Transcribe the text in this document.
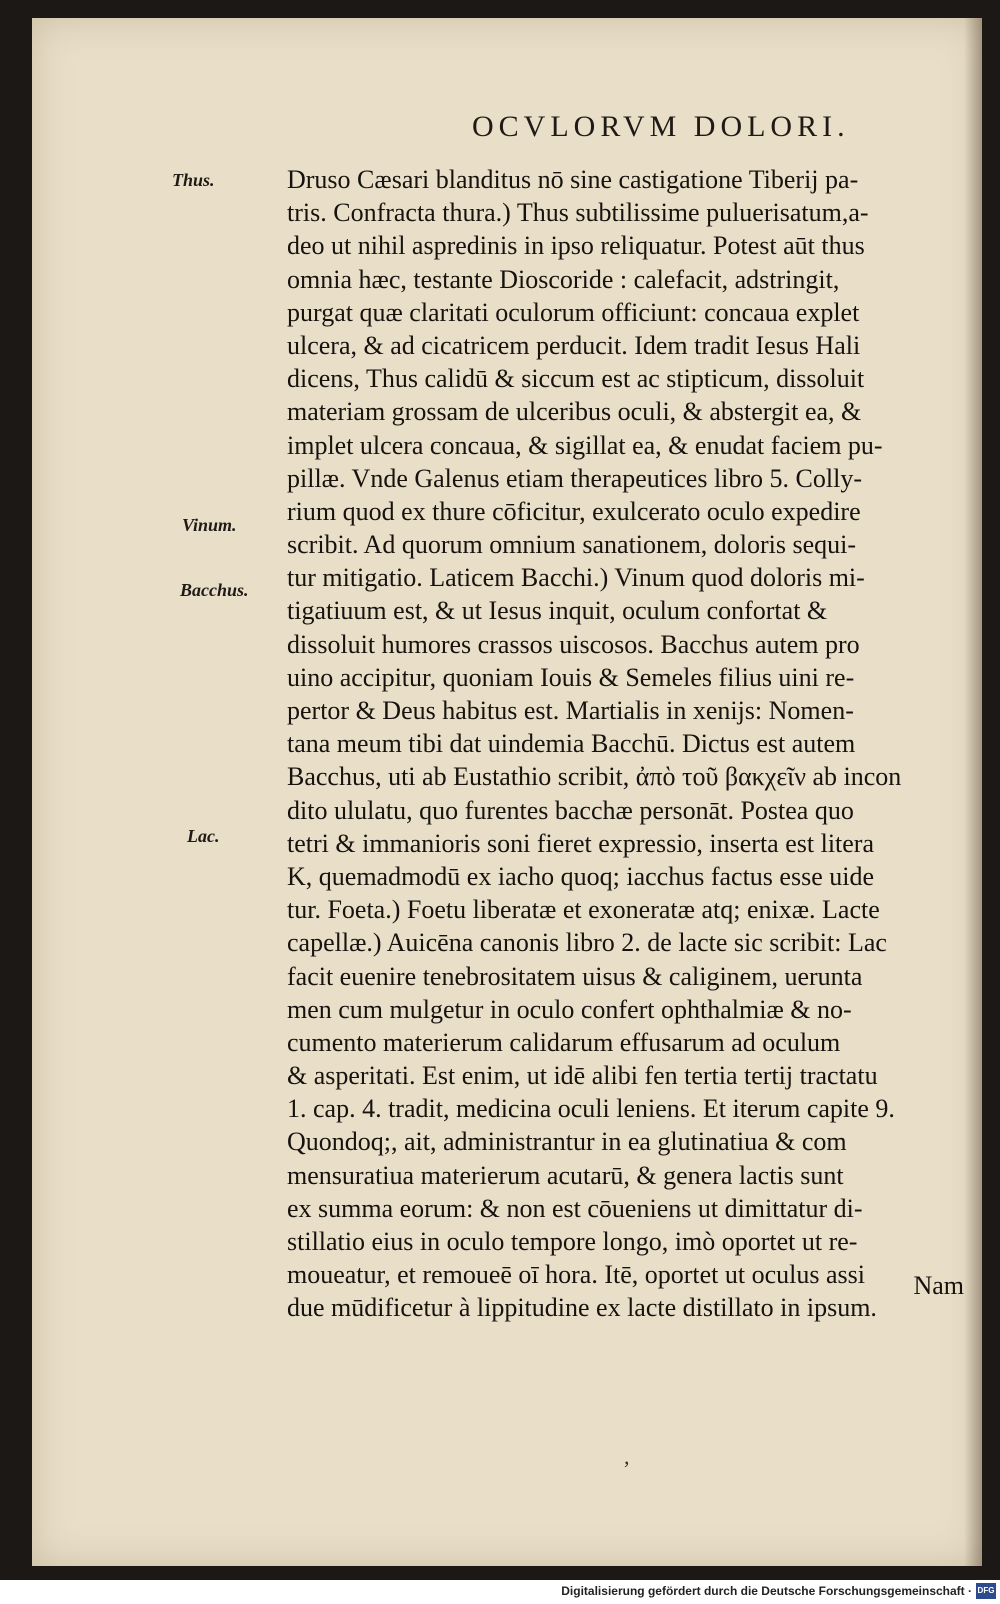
OCVLORVM DOLORI.
Thus.
Vinum.
Bacchus.
Lac.
Druso Cæsari blanditus nō sine castigatione Tiberij pa-
tris. Confracta thura.) Thus subtilissime puluerisatum,a-
deo ut nihil aspredinis in ipso reliquatur. Potest aūt thus
omnia hæc, testante Dioscoride : calefacit, adstringit,
purgat quæ claritati oculorum officiunt: concaua explet
ulcera, & ad cicatricem perducit. Idem tradit Iesus Hali
dicens, Thus calidū & siccum est ac stipticum, dissoluit
materiam grossam de ulceribus oculi, & abstergit ea, &
implet ulcera concaua, & sigillat ea, & enudat faciem pu-
pillæ. Vnde Galenus etiam therapeutices libro 5. Colly-
rium quod ex thure cōficitur, exulcerato oculo expedire
scribit. Ad quorum omnium sanationem, doloris sequi-
tur mitigatio. Laticem Bacchi.) Vinum quod doloris mi-
tigatiuum est, & ut Iesus inquit, oculum confortat &
dissoluit humores crassos uiscosos. Bacchus autem pro
uino accipitur, quoniam Iouis & Semeles filius uini re-
pertor & Deus habitus est. Martialis in xenijs: Nomen-
tana meum tibi dat uindemia Bacchū. Dictus est autem
Bacchus, uti ab Eustathio scribit, ἀπὸ τοῦ βακχεῖν ab incon
dito ululatu, quo furentes bacchæ personāt. Postea quo
tetri & immanioris soni fieret expressio, inserta est litera
K, quemadmodū ex iacho quoq; iacchus factus esse uide
tur. Foeta.) Foetu liberatæ et exoneratæ atq; enixæ. Lacte
capellæ.) Auicēna canonis libro 2. de lacte sic scribit: Lac
facit euenire tenebrositatem uisus & caliginem, uerunta
men cum mulgetur in oculo confert ophthalmiæ & no-
cumento materierum calidarum effusarum ad oculum
& asperitati. Est enim, ut idē alibi fen tertia tertij tractatu
1. cap. 4. tradit, medicina oculi leniens. Et iterum capite 9.
Quondoq;, ait, administrantur in ea glutinatiua & com
mensuratiua materierum acutarū, & genera lactis sunt
ex summa eorum: & non est cōueniens ut dimittatur di-
stillatio eius in oculo tempore longo, imò oportet ut re-
moueatur, et remoueē oī hora. Itē, oportet ut oculus assi
due mūdificetur à lippitudine ex lacte distillato in ipsum.
Nam
,
Digitalisierung gefördert durch die Deutsche Forschungsgemeinschaft · DFG
